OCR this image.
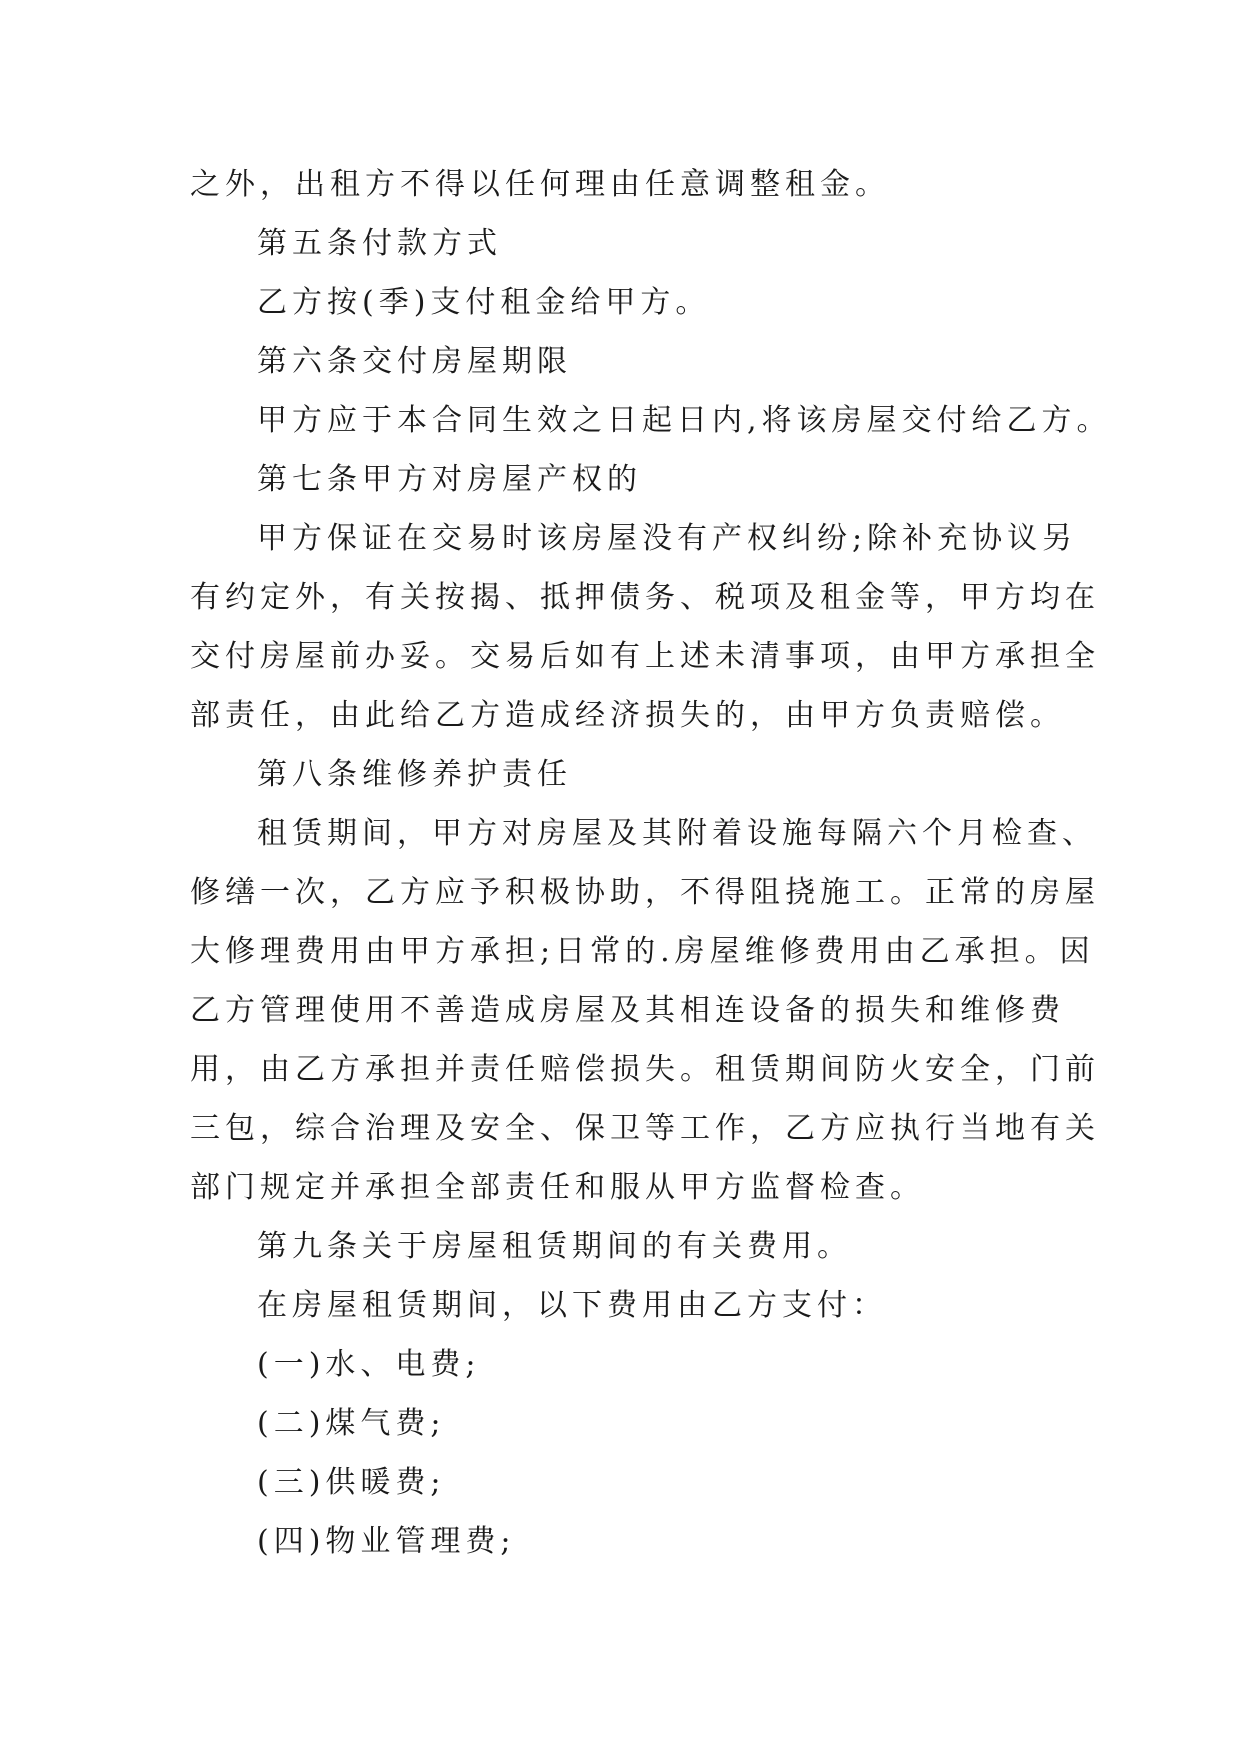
之外，出租方不得以任何理由任意调整租金。

第五条付款方式

乙方按(季)支付租金给甲方。

第六条交付房屋期限

甲方应于本合同生效之日起日内,将该房屋交付给乙方。

第七条甲方对房屋产权的

甲方保证在交易时该房屋没有产权纠纷;除补充协议另

有约定外，有关按揭、抵押债务、税项及租金等，甲方均在

交付房屋前办妥。交易后如有上述未清事项，由甲方承担全

部责任，由此给乙方造成经济损失的，由甲方负责赔偿。

第八条维修养护责任

租赁期间，甲方对房屋及其附着设施每隔六个月检查、

修缮一次，乙方应予积极协助，不得阻挠施工。正常的房屋

大修理费用由甲方承担;日常的.房屋维修费用由乙承担。因

乙方管理使用不善造成房屋及其相连设备的损失和维修费

用，由乙方承担并责任赔偿损失。租赁期间防火安全，门前

三包，综合治理及安全、保卫等工作，乙方应执行当地有关

部门规定并承担全部责任和服从甲方监督检查。

第九条关于房屋租赁期间的有关费用。

在房屋租赁期间，以下费用由乙方支付：

(一)水、电费;

(二)煤气费;

(三)供暖费;

(四)物业管理费;
